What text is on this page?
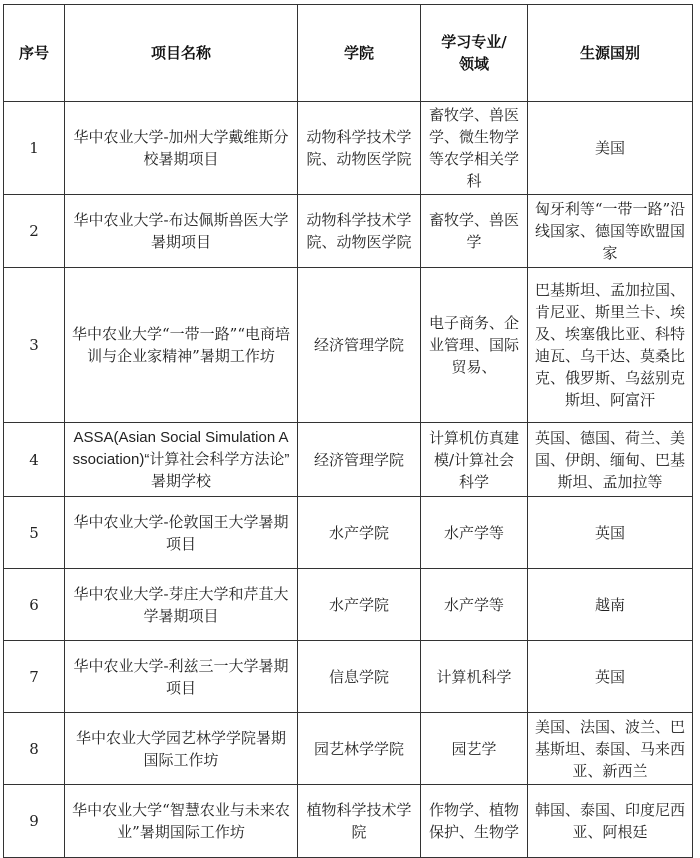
序号	项目名称	学院	学习专业/领域	生源国别
1	华中农业大学-加州大学戴维斯分校暑期项目	动物科学技术学院、动物医学院	畜牧学、兽医学、微生物学等农学相关学科	美国
2	华中农业大学-布达佩斯兽医大学暑期项目	动物科学技术学院、动物医学院	畜牧学、兽医学	匈牙利等“一带一路”沿线国家、德国等欧盟国家
3	华中农业大学“一带一路”“电商培训与企业家精神”暑期工作坊	经济管理学院	电子商务、企业管理、国际贸易、	巴基斯坦、孟加拉国、肯尼亚、斯里兰卡、埃及、埃塞俄比亚、科特迪瓦、乌干达、莫桑比克、俄罗斯、乌兹别克斯坦、阿富汗
4	ASSA(Asian Social Simulation Association)“计算社会科学方法论” 暑期学校	经济管理学院	计算机仿真建模/计算社会科学	英国、德国、荷兰、美国、伊朗、缅甸、巴基斯坦、孟加拉等
5	华中农业大学-伦敦国王大学暑期项目	水产学院	水产学等	英国
6	华中农业大学-芽庄大学和芹苴大学暑期项目	水产学院	水产学等	越南
7	华中农业大学-利兹三一大学暑期项目	信息学院	计算机科学	英国
8	华中农业大学园艺林学学院暑期国际工作坊	园艺林学学院	园艺学	美国、法国、波兰、巴基斯坦、泰国、马来西亚、新西兰
9	华中农业大学“智慧农业与未来农业”暑期国际工作坊	植物科学技术学院	作物学、植物保护、生物学	韩国、泰国、印度尼西亚、阿根廷
